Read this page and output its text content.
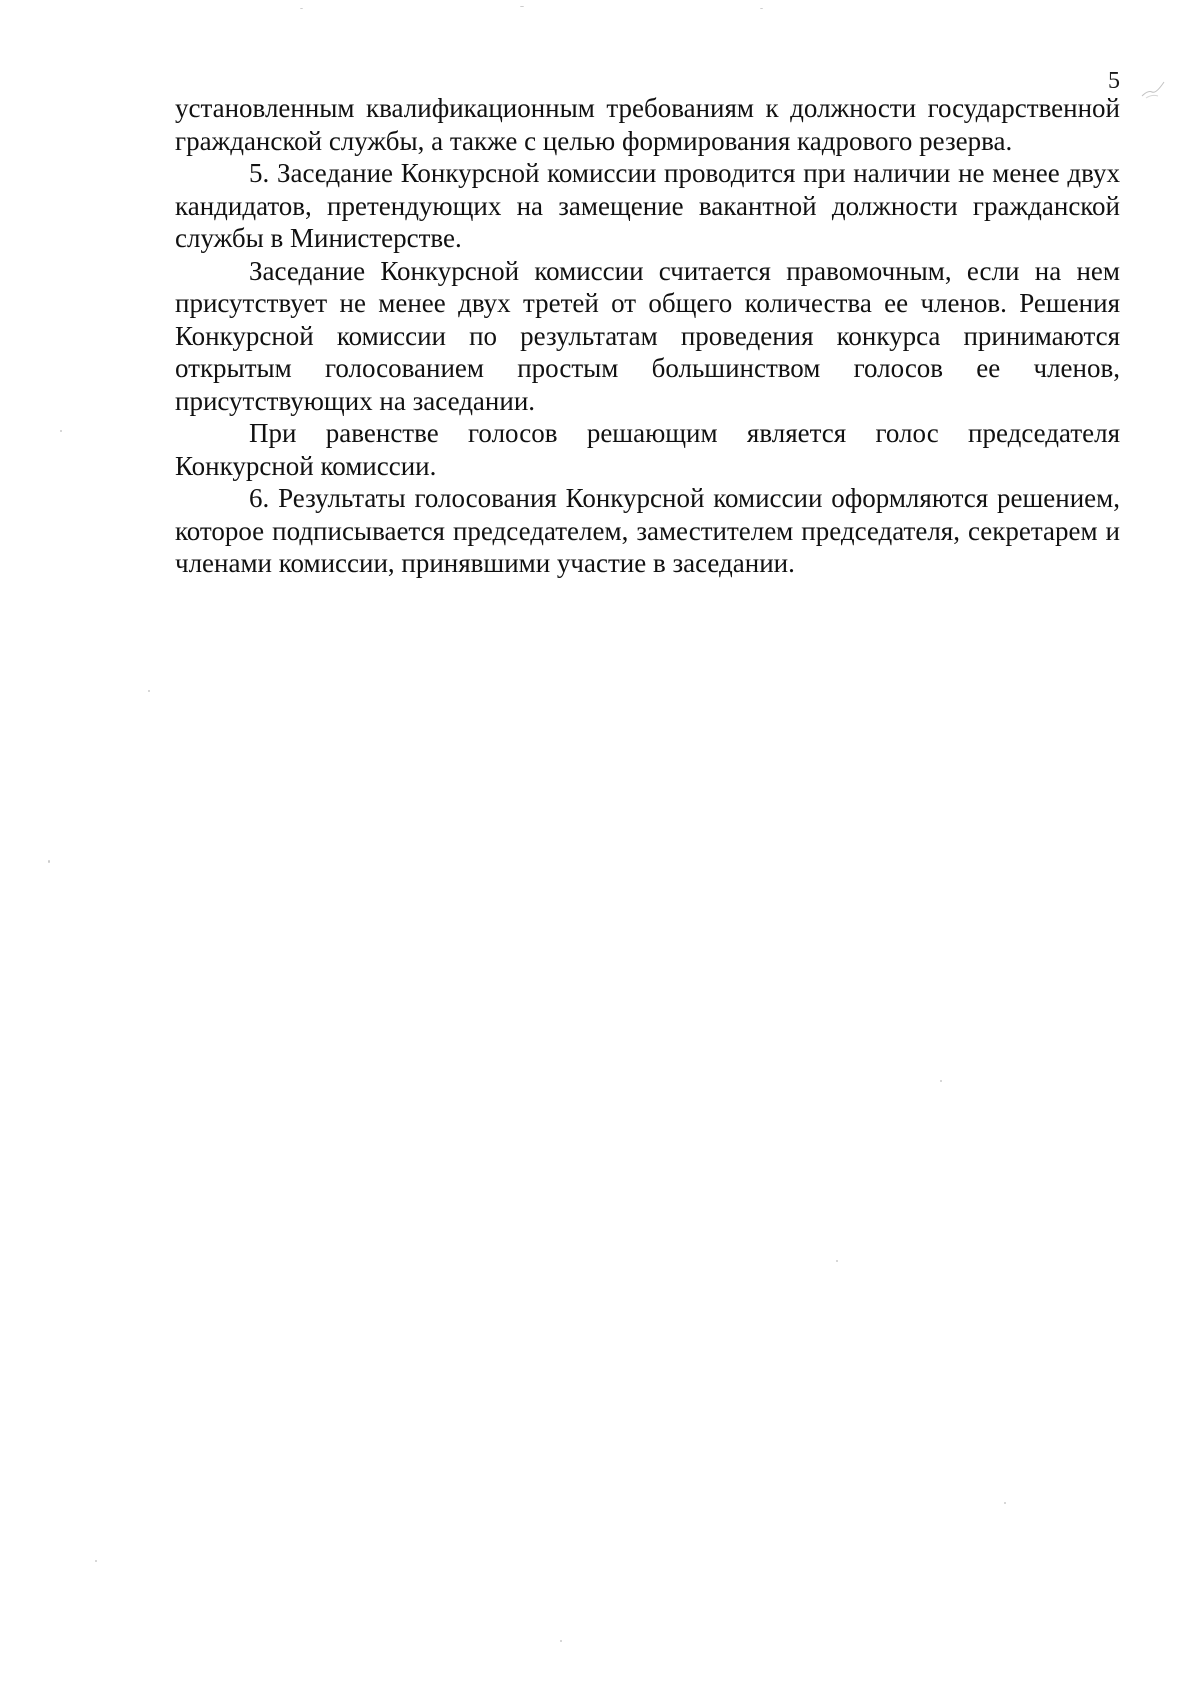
5

установленным квалификационным требованиям к должности государственной гражданской службы, а также с целью формирования кадрового резерва.

5. Заседание Конкурсной комиссии проводится при наличии не менее двух кандидатов, претендующих на замещение вакантной должности гражданской службы в Министерстве.

Заседание Конкурсной комиссии считается правомочным, если на нем присутствует не менее двух третей от общего количества ее членов. Решения Конкурсной комиссии по результатам проведения конкурса принимаются открытым голосованием простым большинством голосов ее членов, присутствующих на заседании.

При равенстве голосов решающим является голос председателя Конкурсной комиссии.

6. Результаты голосования Конкурсной комиссии оформляются решением, которое подписывается председателем, заместителем председателя, секретарем и членами комиссии, принявшими участие в заседании.
